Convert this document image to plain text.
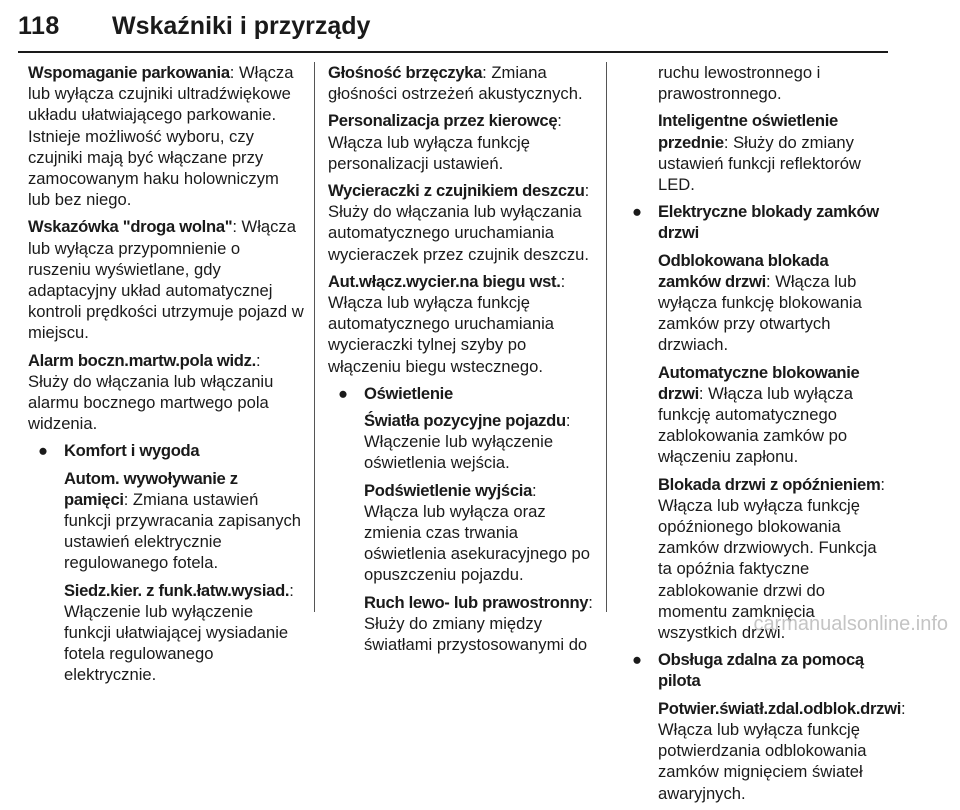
118 Wskaźniki i przyrządy
Wspomaganie parkowania: Włącza lub wyłącza czujniki ultradźwiękowe układu ułatwiającego parkowanie. Istnieje możliwość wyboru, czy czujniki mają być włączane przy zamocowanym haku holowniczym lub bez niego.
Wskazówka "droga wolna": Włącza lub wyłącza przypomnienie o ruszeniu wyświetlane, gdy adaptacyjny układ automatycznej kontroli prędkości utrzymuje pojazd w miejscu.
Alarm boczn.martw.pola widz.: Służy do włączania lub włączaniu alarmu bocznego martwego pola widzenia.
● Komfort i wygoda
Autom. wywoływanie z pamięci: Zmiana ustawień funkcji przywracania zapisanych ustawień elektrycznie regulowanego fotela.
Siedz.kier. z funk.łatw.wysiad.: Włączenie lub wyłączenie funkcji ułatwiającej wysiadanie fotela regulowanego elektrycznie.
Głośność brzęczyka: Zmiana głośności ostrzeżeń akustycznych.
Personalizacja przez kierowcę: Włącza lub wyłącza funkcję personalizacji ustawień.
Wycieraczki z czujnikiem deszczu: Służy do włączania lub wyłączania automatycznego uruchamiania wycieraczek przez czujnik deszczu.
Aut.włącz.wycier.na biegu wst.: Włącza lub wyłącza funkcję automatycznego uruchamiania wycieraczki tylnej szyby po włączeniu biegu wstecznego.
● Oświetlenie
Światła pozycyjne pojazdu: Włączenie lub wyłączenie oświetlenia wejścia.
Podświetlenie wyjścia: Włącza lub wyłącza oraz zmienia czas trwania oświetlenia asekuracyjnego po opuszczeniu pojazdu.
Ruch lewo- lub prawostronny: Służy do zmiany między światłami przystosowanymi do
ruchu lewostronnego i prawostronnego.
Inteligentne oświetlenie przednie: Służy do zmiany ustawień funkcji reflektorów LED.
● Elektryczne blokady zamków drzwi
Odblokowana blokada zamków drzwi: Włącza lub wyłącza funkcję blokowania zamków przy otwartych drzwiach.
Automatyczne blokowanie drzwi: Włącza lub wyłącza funkcję automatycznego zablokowania zamków po włączeniu zapłonu.
Blokada drzwi z opóźnieniem: Włącza lub wyłącza funkcję opóźnionego blokowania zamków drzwiowych. Funkcja ta opóźnia faktyczne zablokowanie drzwi do momentu zamknięcia wszystkich drzwi.
● Obsługa zdalna za pomocą pilota
Potwier.światł.zdal.odblok.drzwi: Włącza lub wyłącza funkcję potwierdzania odblokowania zamków mignięciem świateł awaryjnych.
carmanualsonline.info
